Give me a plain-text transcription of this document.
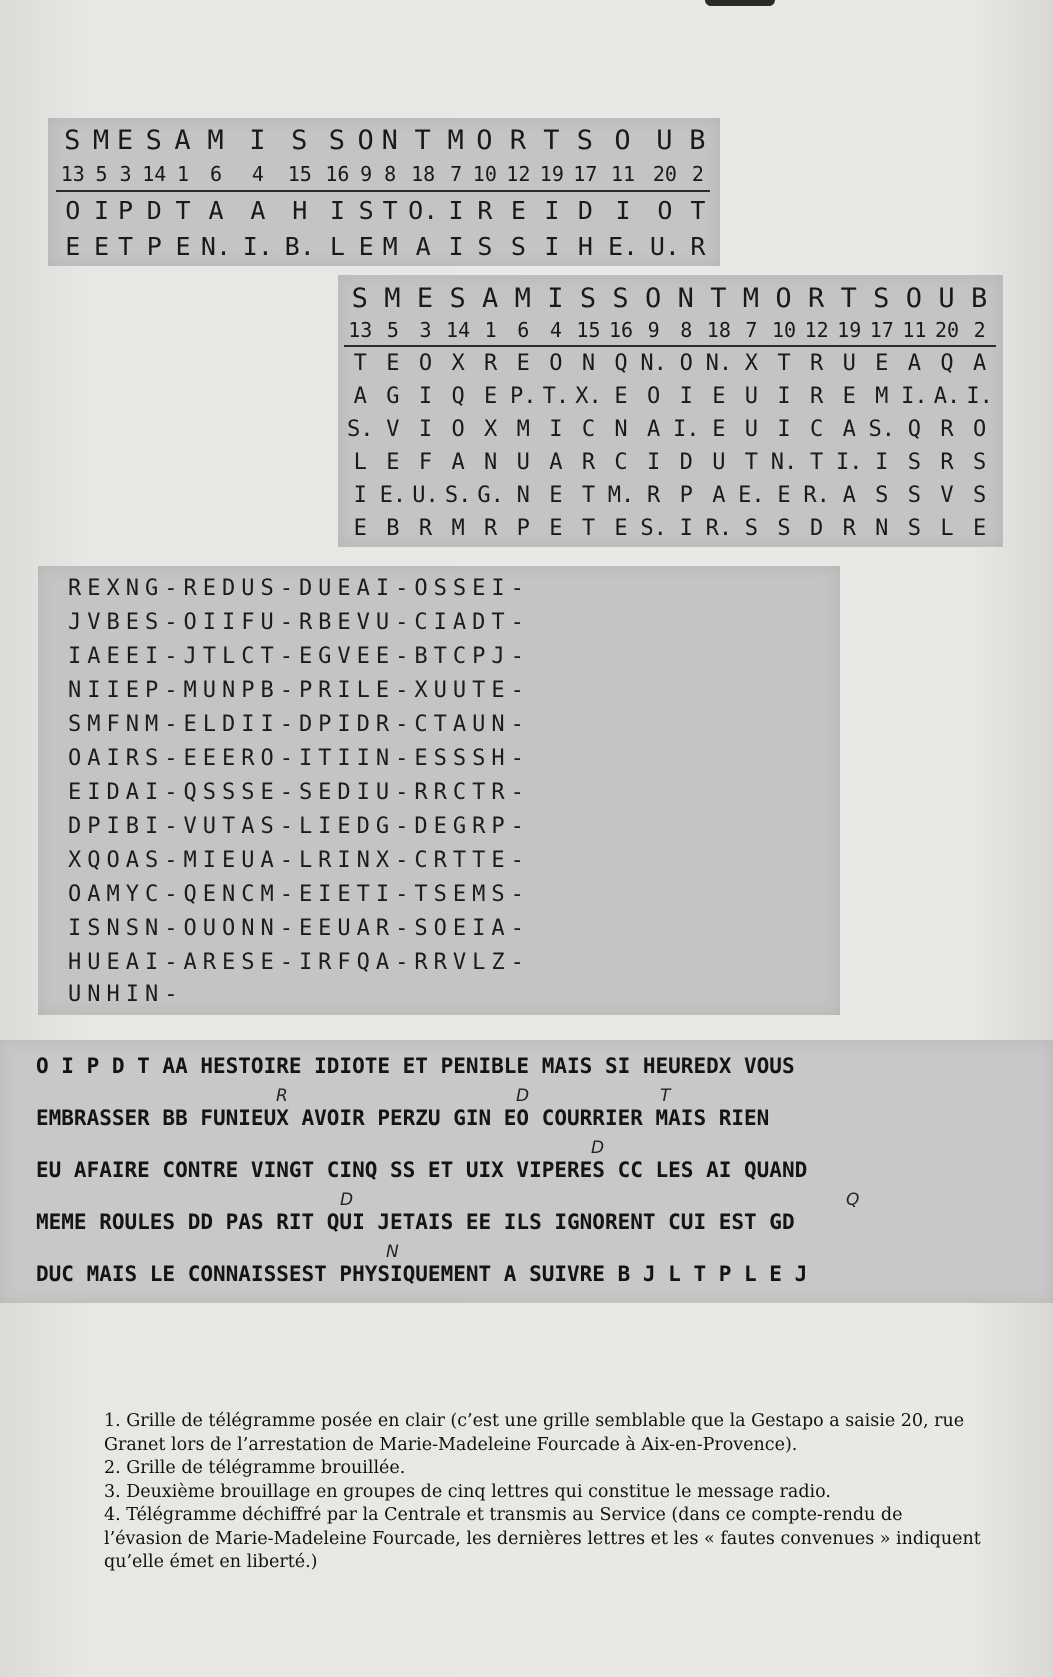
S	M	E	S	A	M	I	S	S	O	N	T	M	O	R	T	S	O	U	B
13	5	3	14	1	6	4	15	16	9	8	18	7	10	12	19	17	11	20	2
O	I	P	D	T	A	A	H	I	S	T	O.	I	R	E	I	D	I	O	T
E	E	T	P	E	N.	I.	B.	L	E	M	A	I	S	S	I	H	E.	U.	R
S	M	E	S	A	M	I	S	S	O	N	T	M	O	R	T	S	O	U	B
13	5	3	14	1	6	4	15	16	9	8	18	7	10	12	19	17	11	20	2
T	E	O	X	R	E	O	N	Q	N.	O	N.	X	T	R	U	E	A	Q	A
A	G	I	Q	E	P.	T.	X.	E	O	I	E	U	I	R	E	M	I.	A.	I.
S.	V	I	O	X	M	I	C	N	A	I.	E	U	I	C	A	S.	Q	R	O
L	E	F	A	N	U	A	R	C	I	D	U	T	N.	T	I.	I	S	R	S
I	E.	U.	S.	G.	N	E	T	M.	R	P	A	E.	E	R.	A	S	S	V	S
E	B	R	M	R	P	E	T	E	S.	I	R.	S	S	D	R	N	S	L	E
REXNG-REDUS-DUEAI-OSSEI-
JVBES-OIIFU-RBEVU-CIADT-
IAEEI-JTLCT-EGVEE-BTCPJ-
NIIEP-MUNPB-PRILE-XUUTE-
SMFNM-ELDII-DPIDR-CTAUN-
OAIRS-EEERO-ITIIN-ESSSH-
EIDAI-QSSSE-SEDIU-RRCTR-
DPIBI-VUTAS-LIEDG-DEGRP-
XQOAS-MIEUA-LRINX-CRTTE-
OAMYC-QENCM-EIETI-TSEMS-
ISNSN-OUONN-EEUAR-SOEIA-
HUEAI-ARESE-IRFQA-RRVLZ-
UNHIN-
O I P D T AA HESTOIRE IDIOTE ET PENIBLE MAIS SI HEUREDX VOUS
EMBRASSER BB FUNIEUX AVOIR PERZU GIN EO COURRIER MAIS RIEN
EU AFAIRE CONTRE VINGT CINQ SS ET UIX VIPERES CC LES AI QUAND
MEME ROULES DD PAS RIT QUI JETAIS EE ILS IGNORENT CUI EST GD
DUC MAIS LE CONNAISSEST PHYSIQUEMENT A SUIVRE B J L T P L E J
R	D	T
D
D	Q
N

1. Grille de télégramme posée en clair (c’est une grille semblable que la Gestapo a saisie 20, rue Granet lors de l’arrestation de Marie-Madeleine Fourcade à Aix-en-Provence).

2. Grille de télégramme brouillée.

3. Deuxième brouillage en groupes de cinq lettres qui constitue le message radio.

4. Télégramme déchiffré par la Centrale et transmis au Service (dans ce compte-rendu de l’évasion de Marie-Madeleine Fourcade, les dernières lettres et les « fautes convenues » indiquent qu’elle émet en liberté.)
